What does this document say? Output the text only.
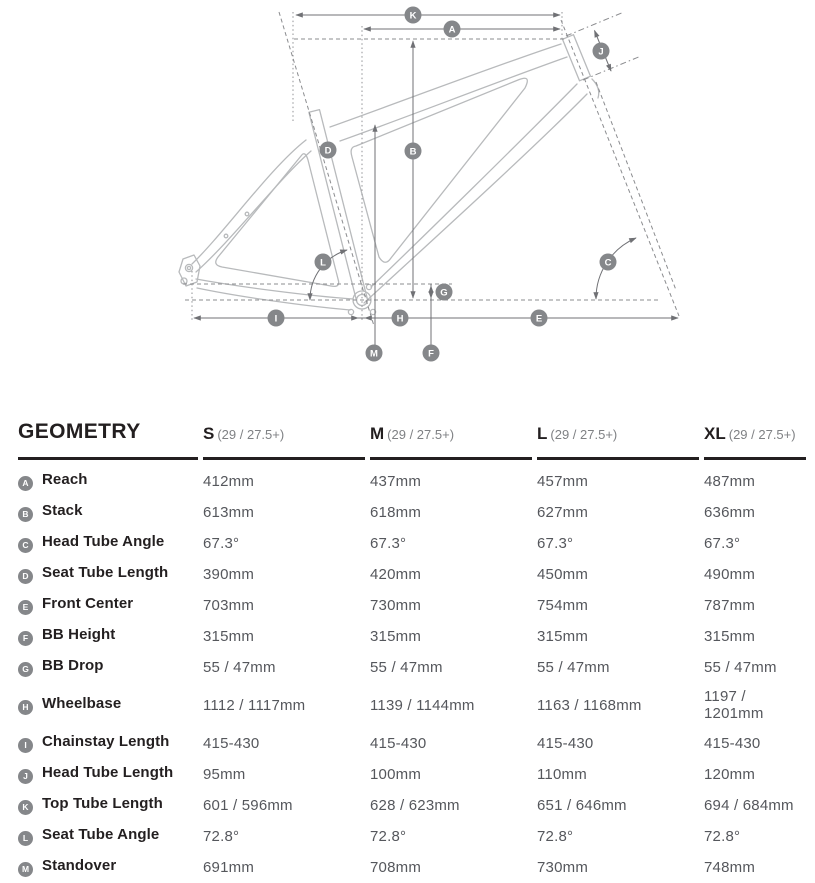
K
A
J
B
D
L	C
G
I	H	E
M	F
GEOMETRY	S (29 / 27.5+)	M (29 / 27.5+)	L (29 / 27.5+)	XL (29 / 27.5+)
A Reach	412mm	437mm	457mm	487mm
B Stack	613mm	618mm	627mm	636mm
C Head Tube Angle	67.3°	67.3°	67.3°	67.3°
D Seat Tube Length	390mm	420mm	450mm	490mm
E Front Center	703mm	730mm	754mm	787mm
F BB Height	315mm	315mm	315mm	315mm
G BB Drop	55 / 47mm	55 / 47mm	55 / 47mm	55 / 47mm
H Wheelbase	1112 / 1117mm	1139 / 1144mm	1163 / 1168mm	1197 / 1201mm
I Chainstay Length	415-430	415-430	415-430	415-430
J Head Tube Length	95mm	100mm	110mm	120mm
K Top Tube Length	601 / 596mm	628 / 623mm	651 / 646mm	694 / 684mm
L Seat Tube Angle	72.8°	72.8°	72.8°	72.8°
M Standover	691mm	708mm	730mm	748mm
